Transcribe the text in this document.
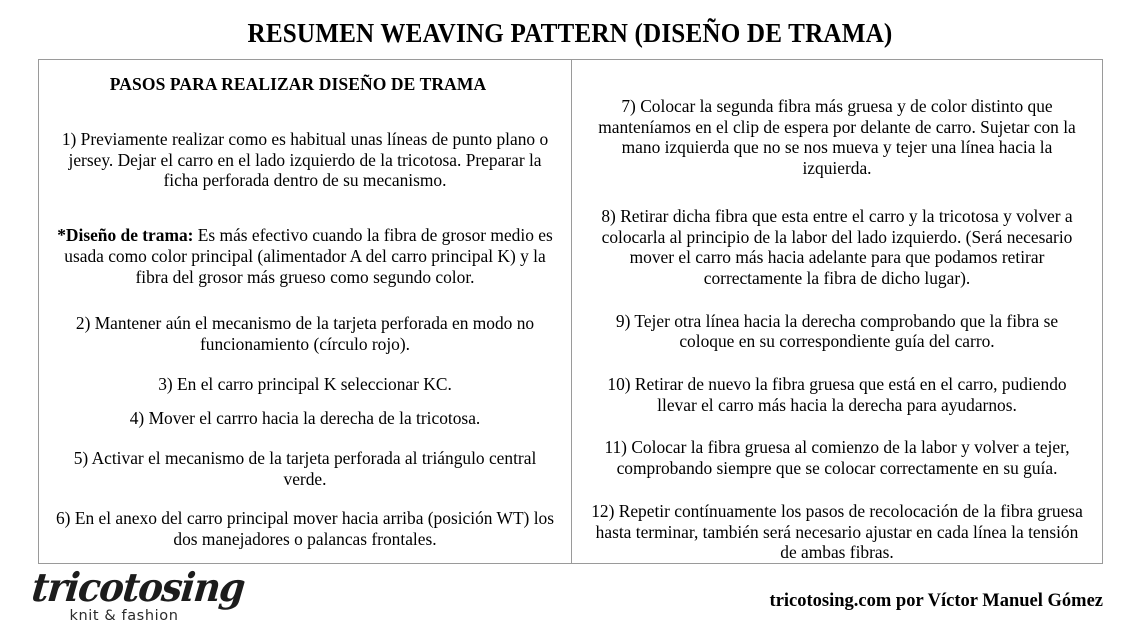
RESUMEN WEAVING PATTERN (DISEÑO DE TRAMA)
PASOS PARA REALIZAR DISEÑO DE TRAMA

1) Previamente realizar como es habitual unas líneas de punto plano o jersey. Dejar el carro en el lado izquierdo de la tricotosa. Preparar la ficha perforada dentro de su mecanismo.

*Diseño de trama: Es más efectivo cuando la fibra de grosor medio es usada como color principal (alimentador A del carro principal K) y la fibra del grosor más grueso como segundo color.

2) Mantener aún el mecanismo de la tarjeta perforada en modo no funcionamiento (círculo rojo).

3) En el carro principal K seleccionar KC.

4) Mover el carrro hacia la derecha de la tricotosa.

5) Activar el mecanismo de la tarjeta perforada al triángulo central verde.

6) En el anexo del carro principal mover hacia arriba (posición WT) los dos manejadores o palancas frontales.

7) Colocar la segunda fibra más gruesa y de color distinto que manteníamos en el clip de espera por delante de carro. Sujetar con la mano izquierda que no se nos mueva y tejer una línea hacia la izquierda.

8) Retirar dicha fibra que esta entre el carro y la tricotosa y volver a colocarla al principio de la labor del lado izquierdo. (Será necesario mover el carro más hacia adelante para que podamos retirar correctamente la fibra de dicho lugar).

9) Tejer otra línea hacia la derecha comprobando que la fibra se coloque en su correspondiente guía del carro.

10) Retirar de nuevo la fibra gruesa que está en el carro, pudiendo llevar el carro más hacia la derecha para ayudarnos.

11) Colocar la fibra gruesa al comienzo de la labor y volver a tejer, comprobando siempre que se colocar correctamente en su guía.

12) Repetir contínuamente los pasos de recolocación de la fibra gruesa hasta terminar, también será necesario ajustar en cada línea la tensión de ambas fibras.

tricotosing
knit & fashion
tricotosing.com por Víctor Manuel Gómez
